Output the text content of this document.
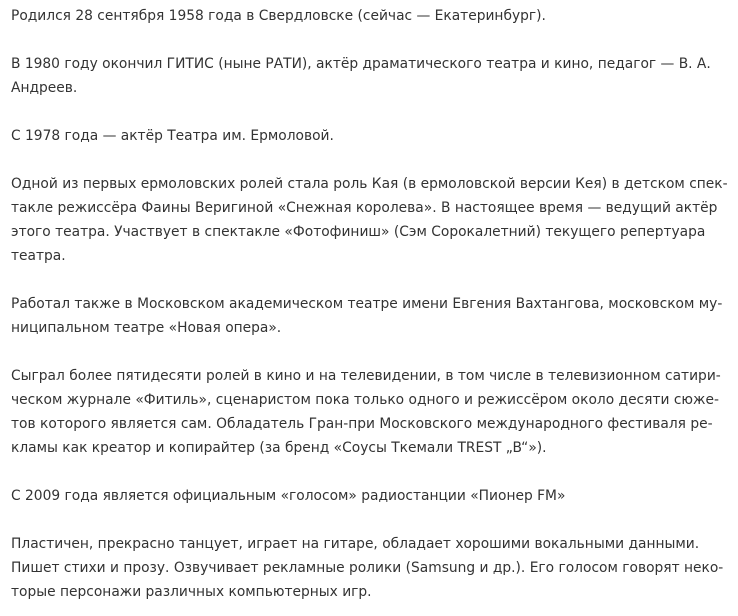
Родился 28 сентября 1958 года в Свердловске (сейчас — Екатеринбург).

В 1980 году окончил ГИТИС (ныне РАТИ), актёр драматического театра и кино, педагог — В. А.
Андреев.

С 1978 года — актёр Театра им. Ермоловой.

Одной из первых ермоловских ролей стала роль Кая (в ермоловской версии Кея) в детском спек-
такле режиссёра Фаины Веригиной «Снежная королева». В настоящее время — ведущий актёр
этого театра. Участвует в спектакле «Фотофиниш» (Сэм Сорокалетний) текущего репертуара
театра.

Работал также в Московском академическом театре имени Евгения Вахтангова, московском му-
ниципальном театре «Новая опера».

Сыграл более пятидесяти ролей в кино и на телевидении, в том числе в телевизионном сатири-
ческом журнале «Фитиль», сценаристом пока только одного и режиссёром около десяти сюже-
тов которого является сам. Обладатель Гран-при Московского международного фестиваля ре-
кламы как креатор и копирайтер (за бренд «Соусы Ткемали TREST „B“»).

С 2009 года является официальным «голосом» радиостанции «Пионер FM»

Пластичен, прекрасно танцует, играет на гитаре, обладает хорошими вокальными данными.
Пишет стихи и прозу. Озвучивает рекламные ролики (Samsung и др.). Его голосом говорят неко-
торые персонажи различных компьютерных игр.
